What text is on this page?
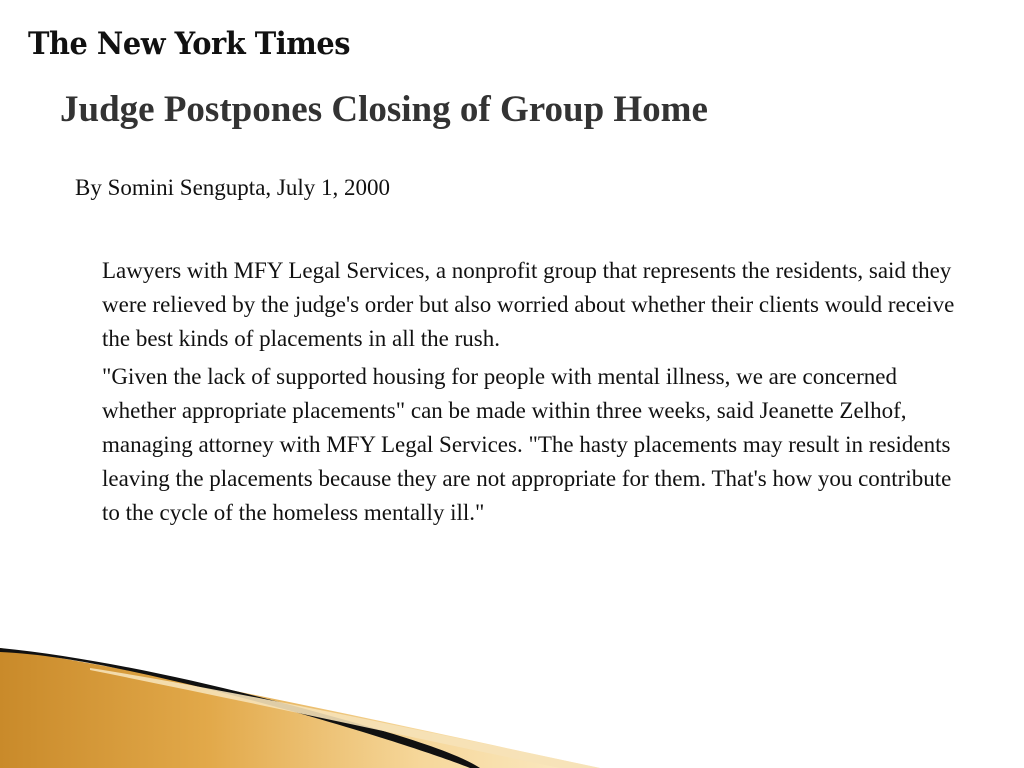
The New York Times
Judge Postpones Closing of Group Home
By Somini Sengupta, July 1, 2000

Lawyers with MFY Legal Services, a nonprofit group that represents the residents, said they were relieved by the judge's order but also worried about whether their clients would receive the best kinds of placements in all the rush.

"Given the lack of supported housing for people with mental illness, we are concerned whether appropriate placements" can be made within three weeks, said Jeanette Zelhof, managing attorney with MFY Legal Services. "The hasty placements may result in residents leaving the placements because they are not appropriate for them. That's how you contribute to the cycle of the homeless mentally ill."
